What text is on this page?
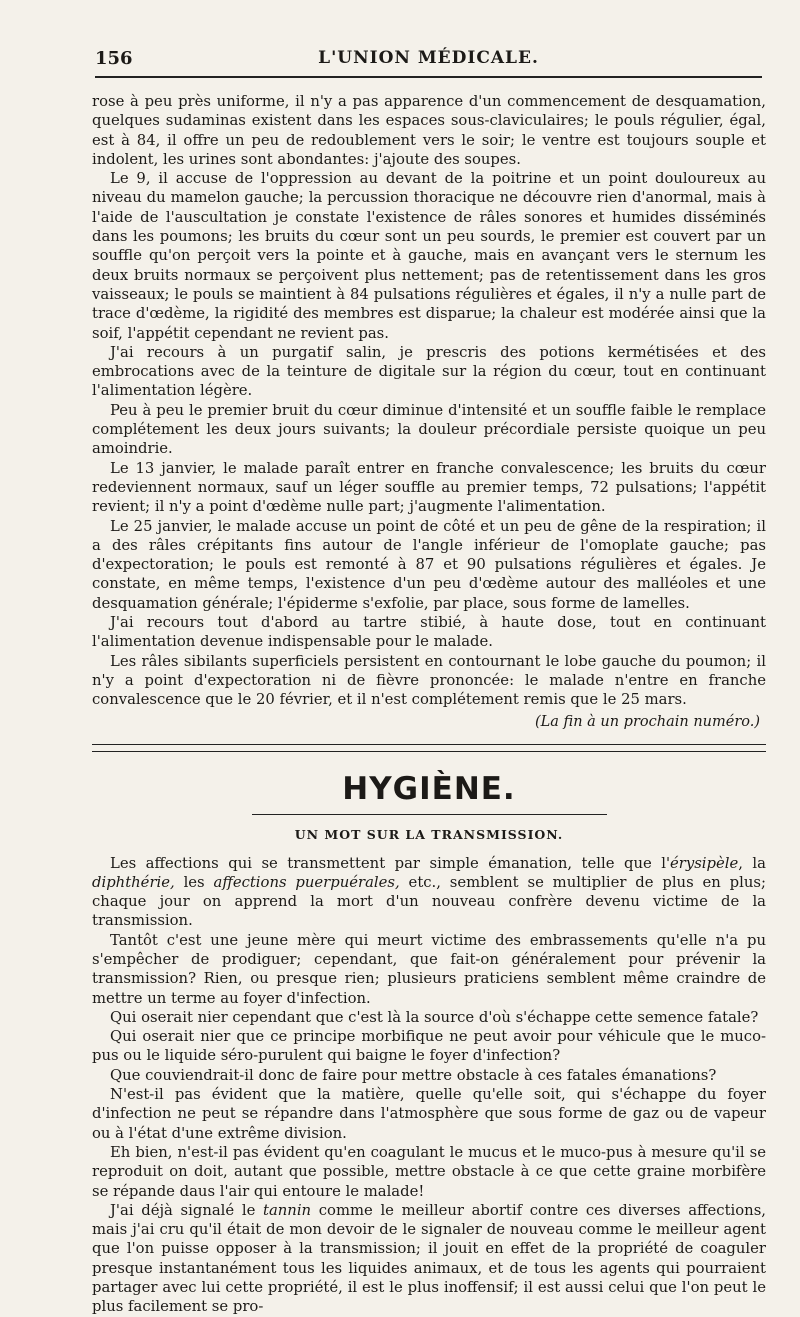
156	L'UNION MÉDICALE.

rose à peu près uniforme, il n'y a pas apparence d'un commencement de desquamation, quelques sudaminas existent dans les espaces sous-claviculaires; le pouls régulier, égal, est à 84, il offre un peu de redoublement vers le soir; le ventre est toujours souple et indolent, les urines sont abondantes: j'ajoute des soupes.

Le 9, il accuse de l'oppression au devant de la poitrine et un point douloureux au niveau du mamelon gauche; la percussion thoracique ne découvre rien d'anormal, mais à l'aide de l'auscultation je constate l'existence de râles sonores et humides disséminés dans les poumons; les bruits du cœur sont un peu sourds, le premier est couvert par un souffle qu'on perçoit vers la pointe et à gauche, mais en avançant vers le sternum les deux bruits normaux se perçoivent plus nettement; pas de retentissement dans les gros vaisseaux; le pouls se maintient à 84 pulsations régulières et égales, il n'y a nulle part de trace d'œdème, la rigidité des membres est disparue; la chaleur est modérée ainsi que la soif, l'appétit cependant ne revient pas.

J'ai recours à un purgatif salin, je prescris des potions kermétisées et des embrocations avec de la teinture de digitale sur la région du cœur, tout en continuant l'alimentation légère.

Peu à peu le premier bruit du cœur diminue d'intensité et un souffle faible le remplace complétement les deux jours suivants; la douleur précordiale persiste quoique un peu amoindrie.

Le 13 janvier, le malade paraît entrer en franche convalescence; les bruits du cœur redeviennent normaux, sauf un léger souffle au premier temps, 72 pulsations; l'appétit revient; il n'y a point d'œdème nulle part; j'augmente l'alimentation.

Le 25 janvier, le malade accuse un point de côté et un peu de gêne de la respiration; il a des râles crépitants fins autour de l'angle inférieur de l'omoplate gauche; pas d'expectoration; le pouls est remonté à 87 et 90 pulsations régulières et égales. Je constate, en même temps, l'existence d'un peu d'œdème autour des malléoles et une desquamation générale; l'épiderme s'exfolie, par place, sous forme de lamelles.

J'ai recours tout d'abord au tartre stibié, à haute dose, tout en continuant l'alimentation devenue indispensable pour le malade.

Les râles sibilants superficiels persistent en contournant le lobe gauche du poumon; il n'y a point d'expectoration ni de fièvre prononcée: le malade n'entre en franche convalescence que le 20 février, et il n'est complétement remis que le 25 mars.

(La fin à un prochain numéro.)
HYGIÈNE.
UN MOT SUR LA TRANSMISSION.

Les affections qui se transmettent par simple émanation, telle que l'érysipèle, la diphthérie, les affections puerpuérales, etc., semblent se multiplier de plus en plus; chaque jour on apprend la mort d'un nouveau confrère devenu victime de la transmission.

Tantôt c'est une jeune mère qui meurt victime des embrassements qu'elle n'a pu s'empêcher de prodiguer; cependant, que fait-on généralement pour prévenir la transmission? Rien, ou presque rien; plusieurs praticiens semblent même craindre de mettre un terme au foyer d'infection.

Qui oserait nier cependant que c'est là la source d'où s'échappe cette semence fatale?

Qui oserait nier que ce principe morbifique ne peut avoir pour véhicule que le muco-pus ou le liquide séro-purulent qui baigne le foyer d'infection?

Que couviendrait-il donc de faire pour mettre obstacle à ces fatales émanations?

N'est-il pas évident que la matière, quelle qu'elle soit, qui s'échappe du foyer d'infection ne peut se répandre dans l'atmosphère que sous forme de gaz ou de vapeur ou à l'état d'une extrême division.

Eh bien, n'est-il pas évident qu'en coagulant le mucus et le muco-pus à mesure qu'il se reproduit on doit, autant que possible, mettre obstacle à ce que cette graine morbifère se répande daus l'air qui entoure le malade!

J'ai déjà signalé le tannin comme le meilleur abortif contre ces diverses affections, mais j'ai cru qu'il était de mon devoir de le signaler de nouveau comme le meilleur agent que l'on puisse opposer à la transmission; il jouit en effet de la propriété de coaguler presque instantanément tous les liquides animaux, et de tous les agents qui pourraient partager avec lui cette propriété, il est le plus inoffensif; il est aussi celui que l'on peut le plus facilement se pro-
